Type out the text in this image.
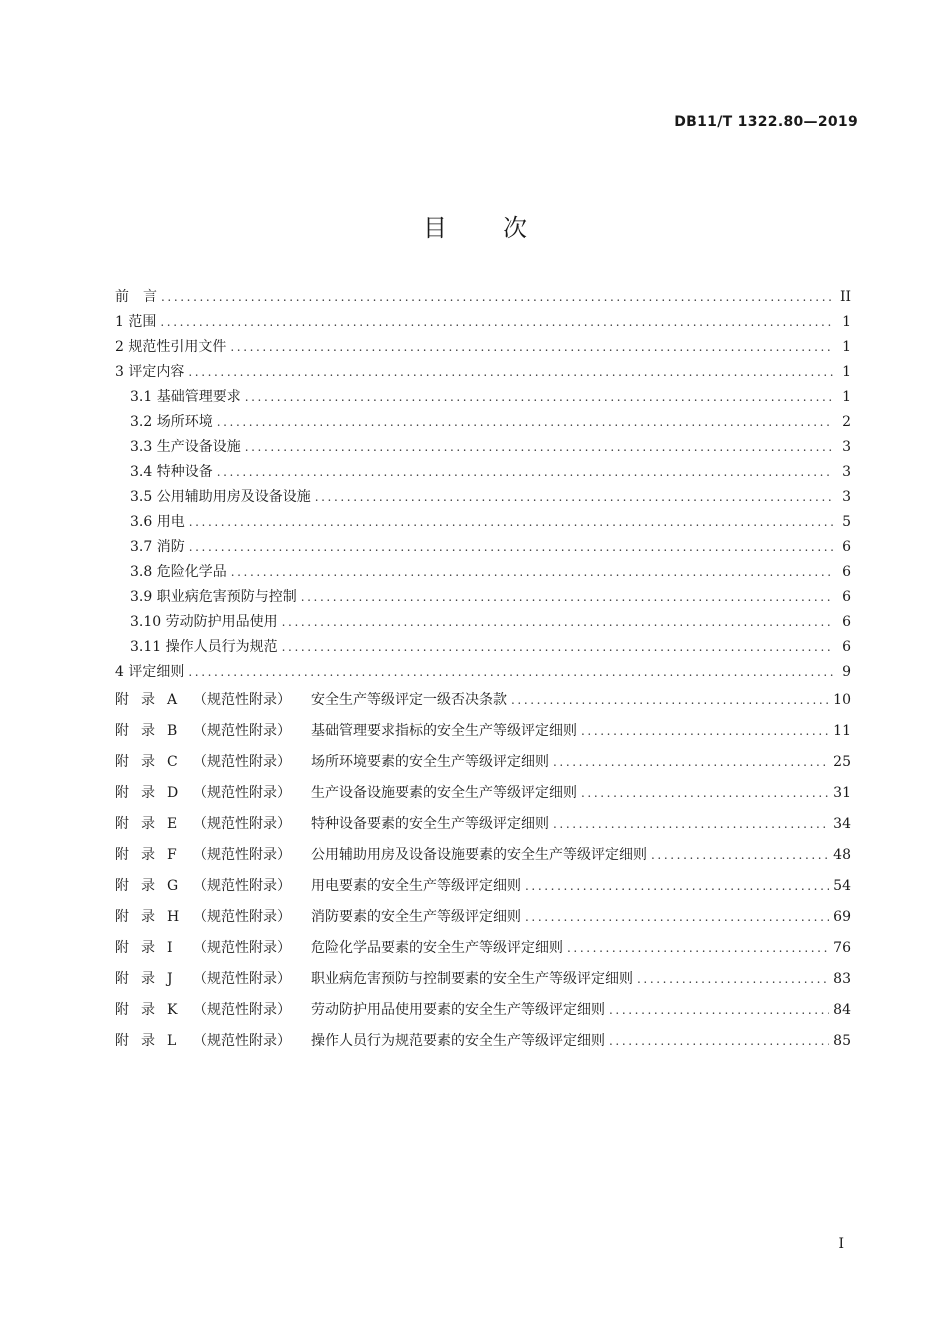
DB11/T 1322.80—2019
目 次
前　言 .....	II
1 范围 .....	1
2 规范性引用文件 .....	1
3 评定内容 .....	1
3.1 基础管理要求 .....	1
3.2 场所环境 .....	2
3.3 生产设备设施 .....	3
3.4 特种设备 .....	3
3.5 公用辅助用房及设备设施 .....	3
3.6 用电 .....	5
3.7 消防 .....	6
3.8 危险化学品 .....	6
3.9 职业病危害预防与控制 .....	6
3.10 劳动防护用品使用 .....	6
3.11 操作人员行为规范 .....	6
4 评定细则 .....	9
附 录 A （规范性附录） 安全生产等级评定一级否决条款 .....	10
附 录 B （规范性附录） 基础管理要求指标的安全生产等级评定细则 .....	11
附 录 C （规范性附录） 场所环境要素的安全生产等级评定细则 .....	25
附 录 D （规范性附录） 生产设备设施要素的安全生产等级评定细则 .....	31
附 录 E （规范性附录） 特种设备要素的安全生产等级评定细则 .....	34
附 录 F （规范性附录） 公用辅助用房及设备设施要素的安全生产等级评定细则 .....	48
附 录 G （规范性附录） 用电要素的安全生产等级评定细则 .....	54
附 录 H （规范性附录） 消防要素的安全生产等级评定细则 .....	69
附 录 I （规范性附录） 危险化学品要素的安全生产等级评定细则 .....	76
附 录 J （规范性附录） 职业病危害预防与控制要素的安全生产等级评定细则 .....	83
附 录 K （规范性附录） 劳动防护用品使用要素的安全生产等级评定细则 .....	84
附 录 L （规范性附录） 操作人员行为规范要素的安全生产等级评定细则 .....	85
I
